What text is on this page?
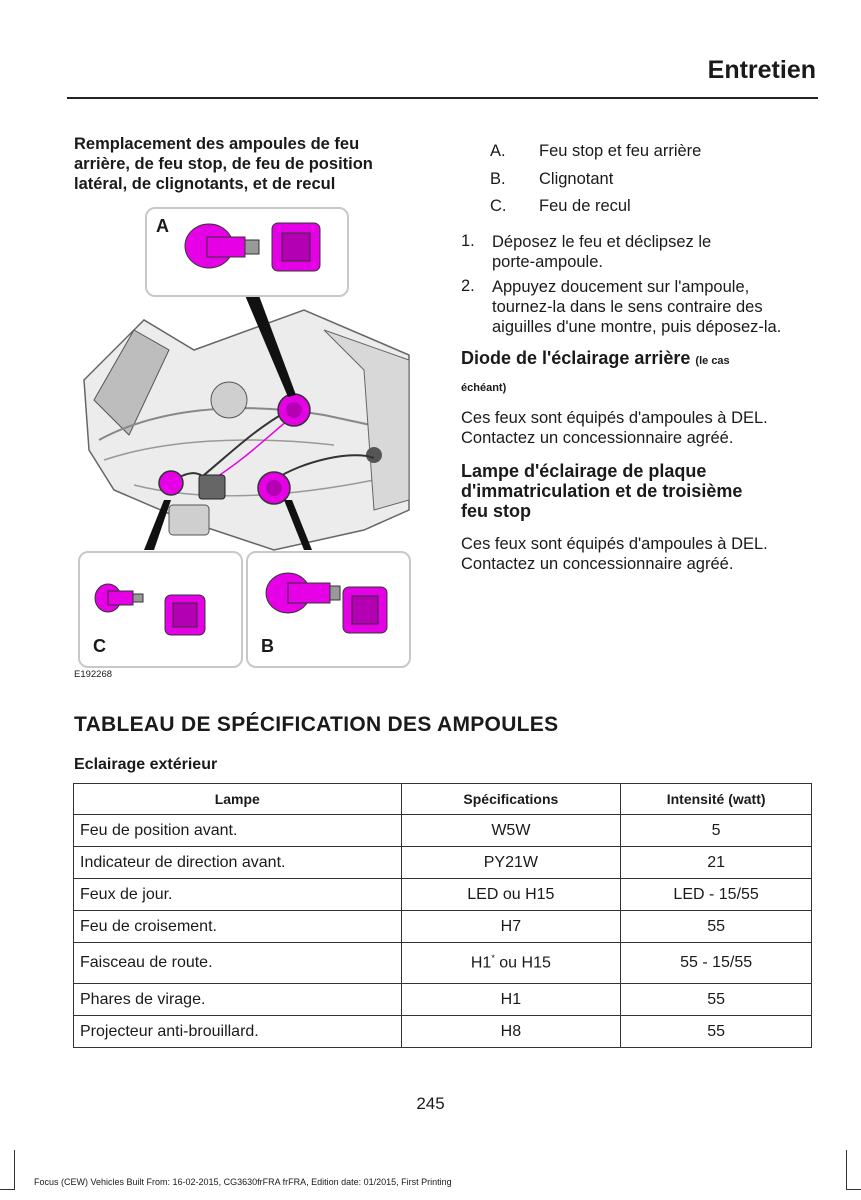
Entretien
Remplacement des ampoules de feu
arrière, de feu stop, de feu de position
latéral, de clignotants, et de recul
A
C	B
E192268
A. Feu stop et feu arrière
B. Clignotant
C. Feu de recul
1. Déposez le feu et déclipsez le
porte-ampoule.
2. Appuyez doucement sur l'ampoule,
tournez-la dans le sens contraire des
aiguilles d'une montre, puis déposez-la.
Diode de l'éclairage arrière (le cas
échéant)
Ces feux sont équipés d'ampoules à DEL.
Contactez un concessionnaire agréé.
Lampe d'éclairage de plaque
d'immatriculation et de troisième
feu stop
Ces feux sont équipés d'ampoules à DEL.
Contactez un concessionnaire agréé.
TABLEAU DE SPÉCIFICATION DES AMPOULES
Eclairage extérieur
Lampe	Spécifications	Intensité (watt)
Feu de position avant.	W5W	5
Indicateur de direction avant.	PY21W	21
Feux de jour.	LED ou H15	LED - 15/55
Feu de croisement.	H7	55
Faisceau de route.	H1* ou H15	55 - 15/55
Phares de virage.	H1	55
Projecteur anti-brouillard.	H8	55
245
Focus (CEW) Vehicles Built From: 16-02-2015, CG3630frFRA frFRA, Edition date: 01/2015, First Printing
